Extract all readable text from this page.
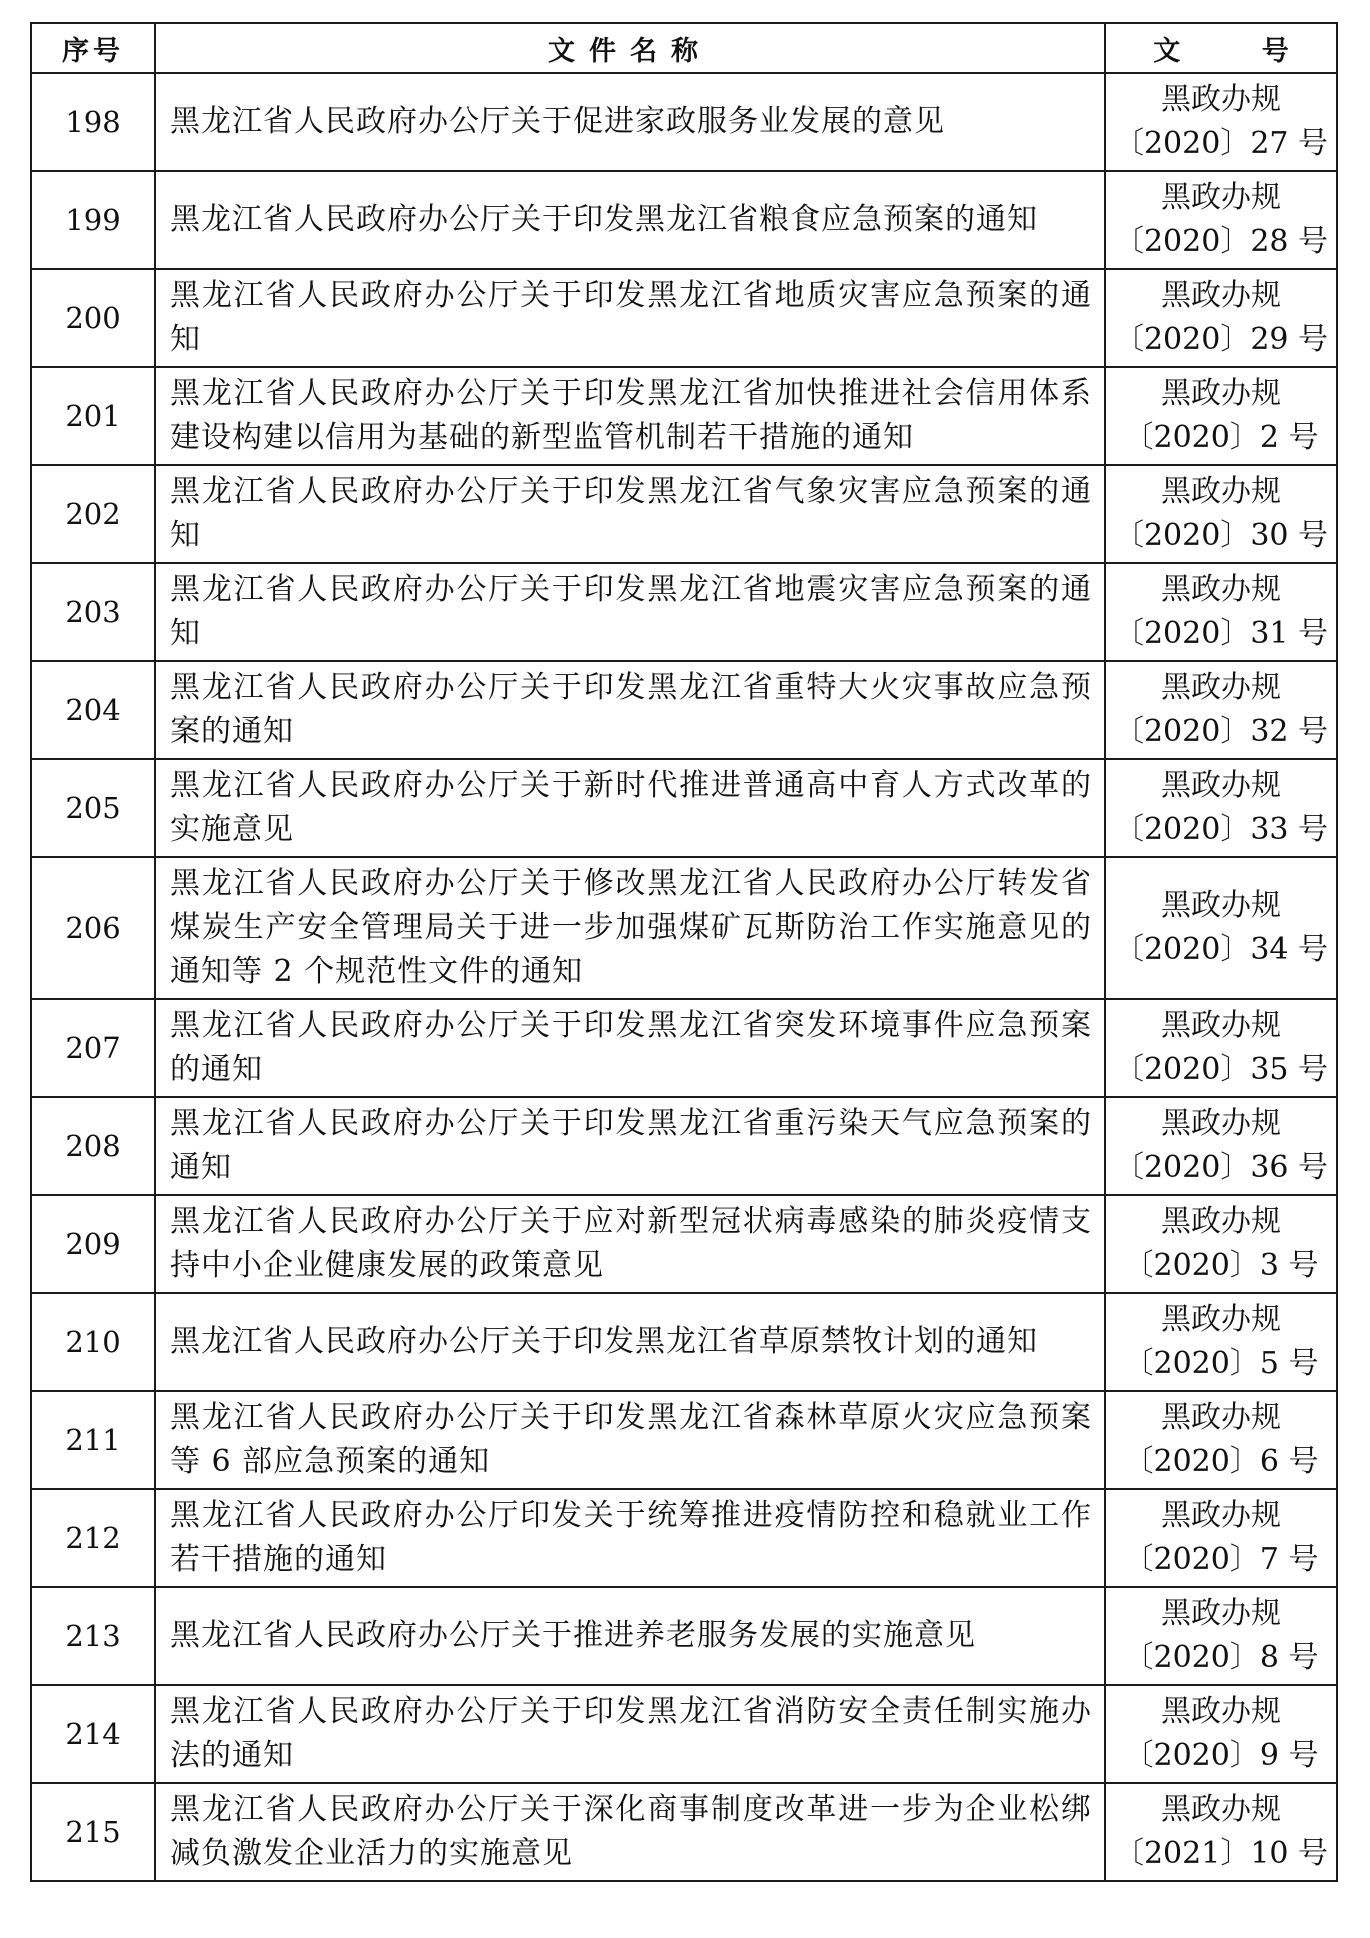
序号	文件名称	文 号
198	黑龙江省人民政府办公厅关于促进家政服务业发展的意见	黑政办规
〔2020〕27 号

199	黑龙江省人民政府办公厅关于印发黑龙江省粮食应急预案的通知	黑政办规
〔2020〕28 号

200	黑龙江省人民政府办公厅关于印发黑龙江省地质灾害应急预案的通知	黑政办规
〔2020〕29 号

201	黑龙江省人民政府办公厅关于印发黑龙江省加快推进社会信用体系建设构建以信用为基础的新型监管机制若干措施的通知	黑政办规
〔2020〕2 号

202	黑龙江省人民政府办公厅关于印发黑龙江省气象灾害应急预案的通知	黑政办规
〔2020〕30 号

203	黑龙江省人民政府办公厅关于印发黑龙江省地震灾害应急预案的通知	黑政办规
〔2020〕31 号

204	黑龙江省人民政府办公厅关于印发黑龙江省重特大火灾事故应急预案的通知	黑政办规
〔2020〕32 号

205	黑龙江省人民政府办公厅关于新时代推进普通高中育人方式改革的实施意见	黑政办规
〔2020〕33 号

206	黑龙江省人民政府办公厅关于修改黑龙江省人民政府办公厅转发省煤炭生产安全管理局关于进一步加强煤矿瓦斯防治工作实施意见的通知等 2 个规范性文件的通知	黑政办规
〔2020〕34 号

207	黑龙江省人民政府办公厅关于印发黑龙江省突发环境事件应急预案的通知	黑政办规
〔2020〕35 号

208	黑龙江省人民政府办公厅关于印发黑龙江省重污染天气应急预案的通知	黑政办规
〔2020〕36 号

209	黑龙江省人民政府办公厅关于应对新型冠状病毒感染的肺炎疫情支持中小企业健康发展的政策意见	黑政办规
〔2020〕3 号

210	黑龙江省人民政府办公厅关于印发黑龙江省草原禁牧计划的通知	黑政办规
〔2020〕5 号

211	黑龙江省人民政府办公厅关于印发黑龙江省森林草原火灾应急预案等 6 部应急预案的通知	黑政办规
〔2020〕6 号

212	黑龙江省人民政府办公厅印发关于统筹推进疫情防控和稳就业工作若干措施的通知	黑政办规
〔2020〕7 号

213	黑龙江省人民政府办公厅关于推进养老服务发展的实施意见	黑政办规
〔2020〕8 号

214	黑龙江省人民政府办公厅关于印发黑龙江省消防安全责任制实施办法的通知	黑政办规
〔2020〕9 号

215	黑龙江省人民政府办公厅关于深化商事制度改革进一步为企业松绑减负激发企业活力的实施意见	黑政办规
〔2021〕10 号
